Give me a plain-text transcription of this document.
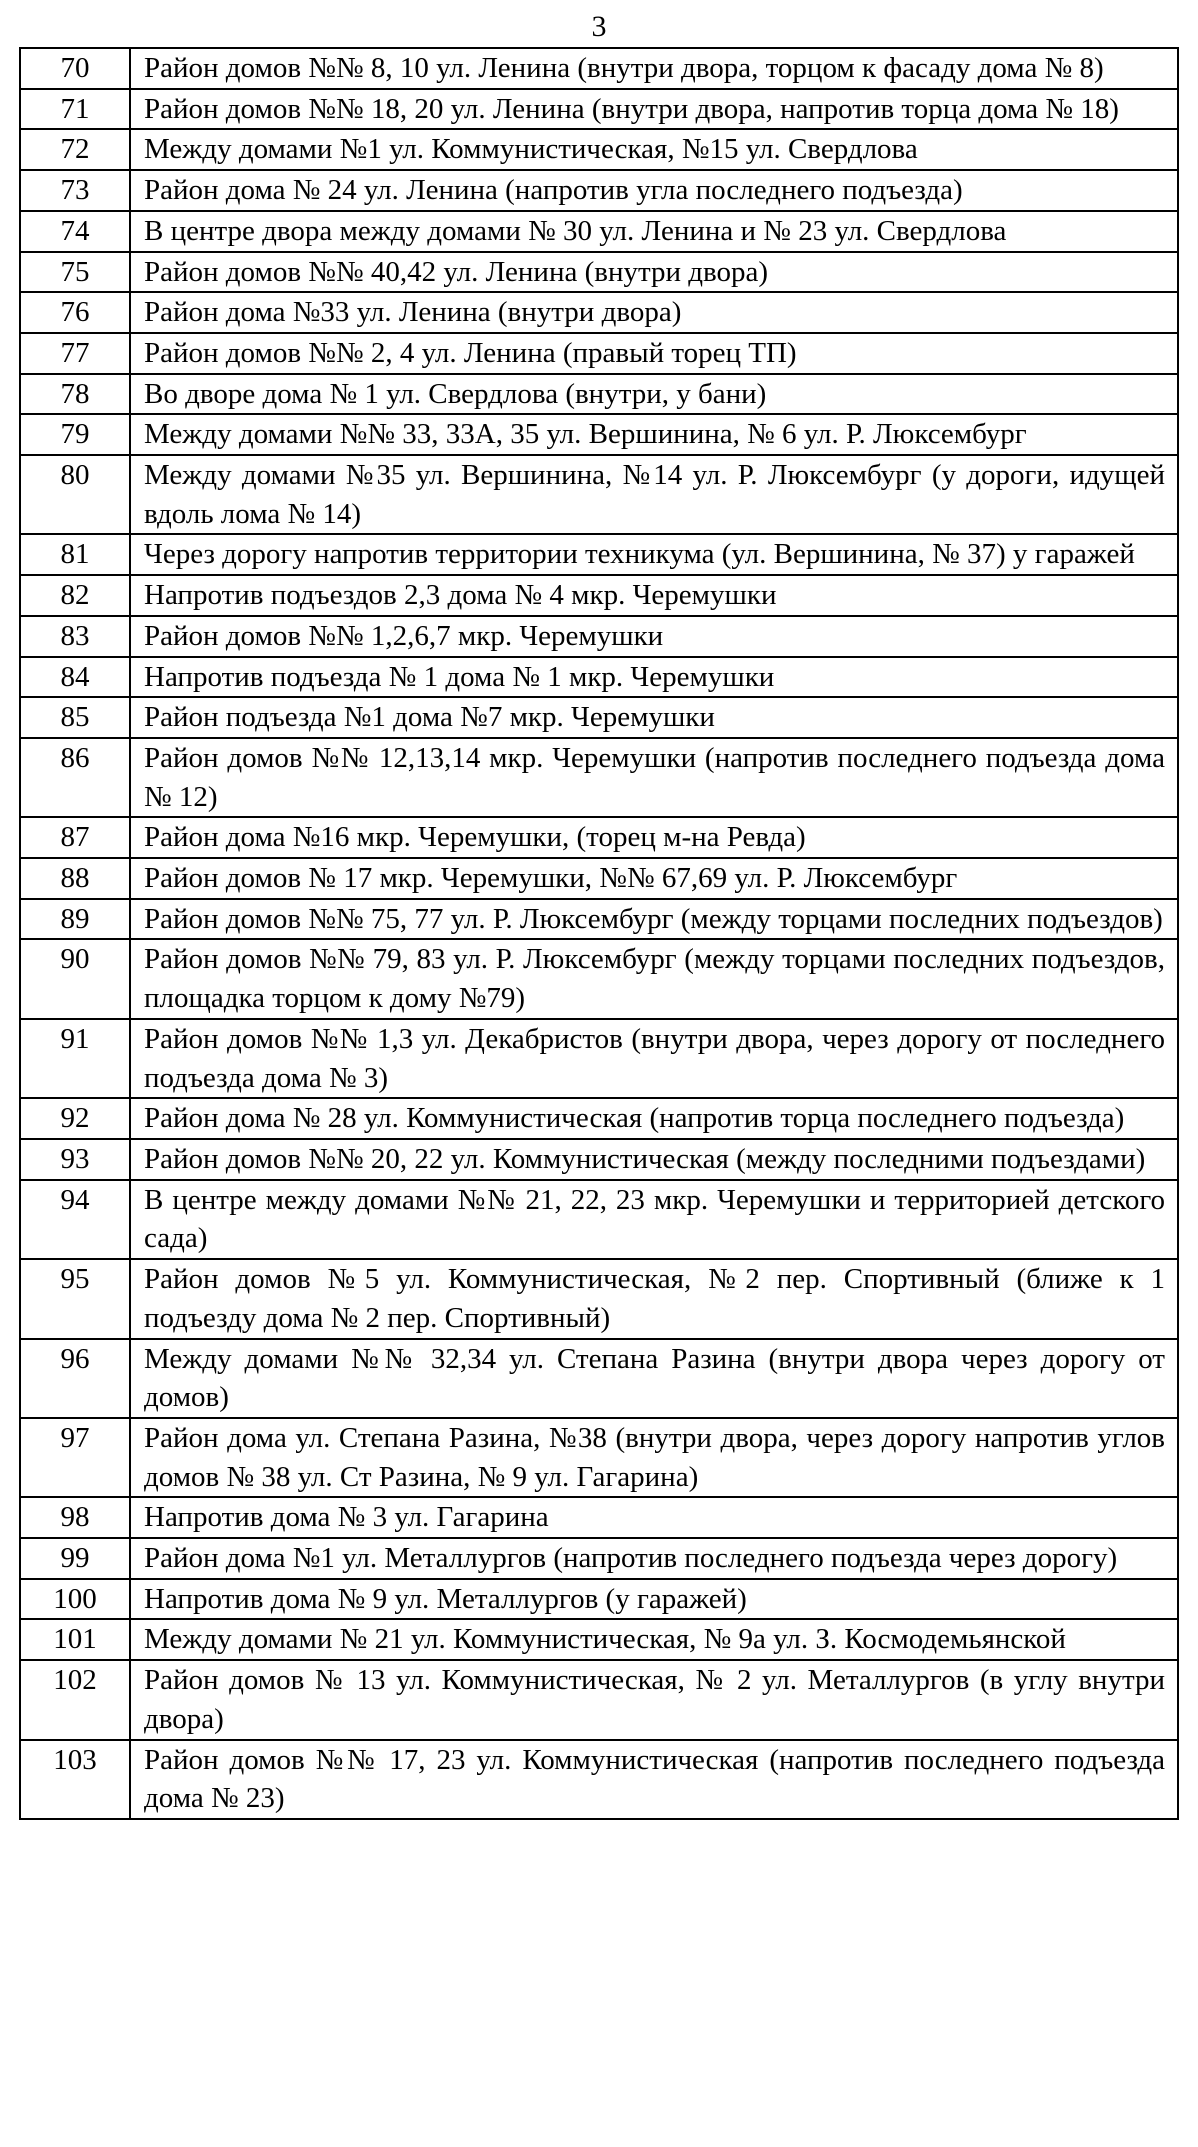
3
70	Район домов №№ 8, 10 ул. Ленина (внутри двора, торцом к фасаду дома № 8)
71	Район домов №№ 18, 20 ул. Ленина (внутри двора, напротив торца дома № 18)
72	Между домами №1 ул. Коммунистическая, №15 ул. Свердлова
73	Район дома № 24 ул. Ленина (напротив угла последнего подъезда)
74	В центре двора между домами № 30 ул. Ленина и № 23 ул. Свердлова
75	Район домов №№ 40,42 ул. Ленина (внутри двора)
76	Район дома №33 ул. Ленина (внутри двора)
77	Район домов №№ 2, 4 ул. Ленина (правый торец ТП)
78	Во дворе дома № 1 ул. Свердлова (внутри, у бани)
79	Между домами №№ 33, 33А, 35 ул. Вершинина, № 6 ул. Р. Люксембург
80	Между домами №35 ул. Вершинина, №14 ул. Р. Люксембург (у дороги, идущей вдоль лома № 14)
81	Через дорогу напротив территории техникума (ул. Вершинина, № 37) у гаражей
82	Напротив подъездов 2,3 дома № 4 мкр. Черемушки
83	Район домов №№ 1,2,6,7 мкр. Черемушки
84	Напротив подъезда № 1 дома № 1 мкр. Черемушки
85	Район подъезда №1 дома №7 мкр. Черемушки
86	Район домов №№ 12,13,14 мкр. Черемушки (напротив последнего подъезда дома № 12)
87	Район дома №16 мкр. Черемушки, (торец м-на Ревда)
88	Район домов № 17 мкр. Черемушки, №№ 67,69 ул. Р. Люксембург
89	Район домов №№ 75, 77 ул. Р. Люксембург (между торцами последних подъездов)
90	Район домов №№ 79, 83 ул. Р. Люксембург (между торцами последних подъездов, площадка торцом к дому №79)
91	Район домов №№ 1,3 ул. Декабристов (внутри двора, через дорогу от последнего подъезда дома № 3)
92	Район дома № 28 ул. Коммунистическая (напротив торца последнего подъезда)
93	Район домов №№ 20, 22 ул. Коммунистическая (между последними подъездами)
94	В центре между домами №№ 21, 22, 23 мкр. Черемушки и территорией детского сада)
95	Район домов №5 ул. Коммунистическая, №2 пер. Спортивный (ближе к 1 подъезду дома № 2 пер. Спортивный)
96	Между домами №№ 32,34 ул. Степана Разина (внутри двора через дорогу от домов)
97	Район дома ул. Степана Разина, №38 (внутри двора, через дорогу напротив углов домов № 38 ул. Ст Разина, № 9 ул. Гагарина)
98	Напротив дома № 3 ул. Гагарина
99	Район дома №1 ул. Металлургов (напротив последнего подъезда через дорогу)
100	Напротив дома № 9 ул. Металлургов (у гаражей)
101	Между домами № 21 ул. Коммунистическая, № 9а ул. З. Космодемьянской
102	Район домов № 13 ул. Коммунистическая, № 2 ул. Металлургов (в углу внутри двора)
103	Район домов №№ 17, 23 ул. Коммунистическая (напротив последнего подъезда дома № 23)
